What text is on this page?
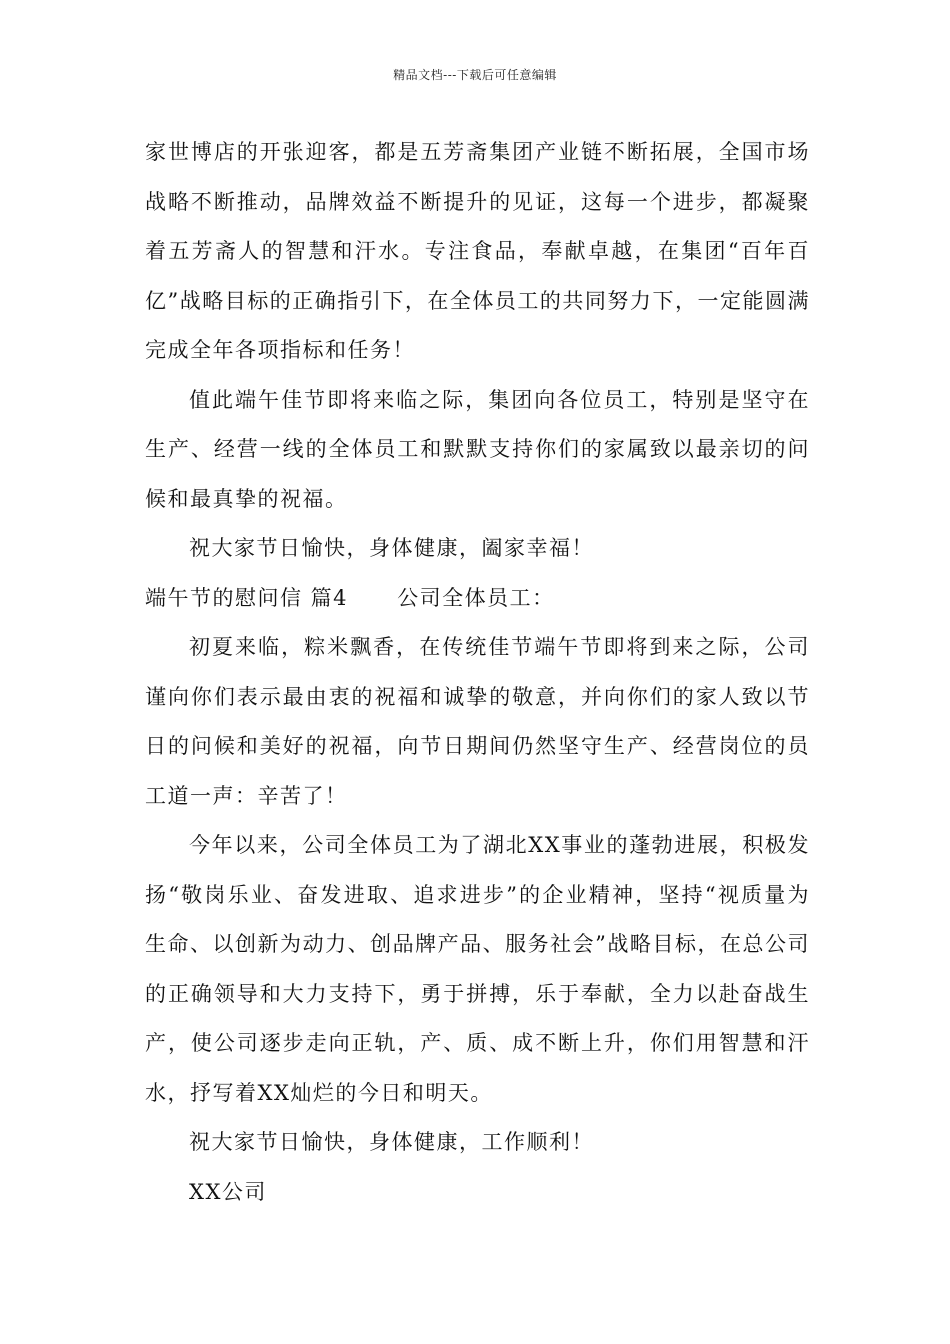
精品文档---下载后可任意编辑

家世博店的开张迎客，都是五芳斋集团产业链不断拓展，全国市场战略不断推动，品牌效益不断提升的见证，这每一个进步，都凝聚着五芳斋人的智慧和汗水。专注食品，奉献卓越，在集团“百年百亿”战略目标的正确指引下，在全体员工的共同努力下，一定能圆满完成全年各项指标和任务！

值此端午佳节即将来临之际，集团向各位员工，特别是坚守在生产、经营一线的全体员工和默默支持你们的家属致以最亲切的问候和最真挚的祝福。

祝大家节日愉快，身体健康，阖家幸福！

端午节的慰问信 篇4      公司全体员工：

初夏来临，粽米飘香，在传统佳节端午节即将到来之际，公司谨向你们表示最由衷的祝福和诚挚的敬意，并向你们的家人致以节日的问候和美好的祝福，向节日期间仍然坚守生产、经营岗位的员工道一声：辛苦了！

今年以来，公司全体员工为了湖北XX事业的蓬勃进展，积极发扬“敬岗乐业、奋发进取、追求进步”的企业精神，坚持“视质量为生命、以创新为动力、创品牌产品、服务社会”战略目标，在总公司的正确领导和大力支持下，勇于拼搏，乐于奉献，全力以赴奋战生产，使公司逐步走向正轨，产、质、成不断上升，你们用智慧和汗水，抒写着XX灿烂的今日和明天。

祝大家节日愉快，身体健康，工作顺利！

XX公司
